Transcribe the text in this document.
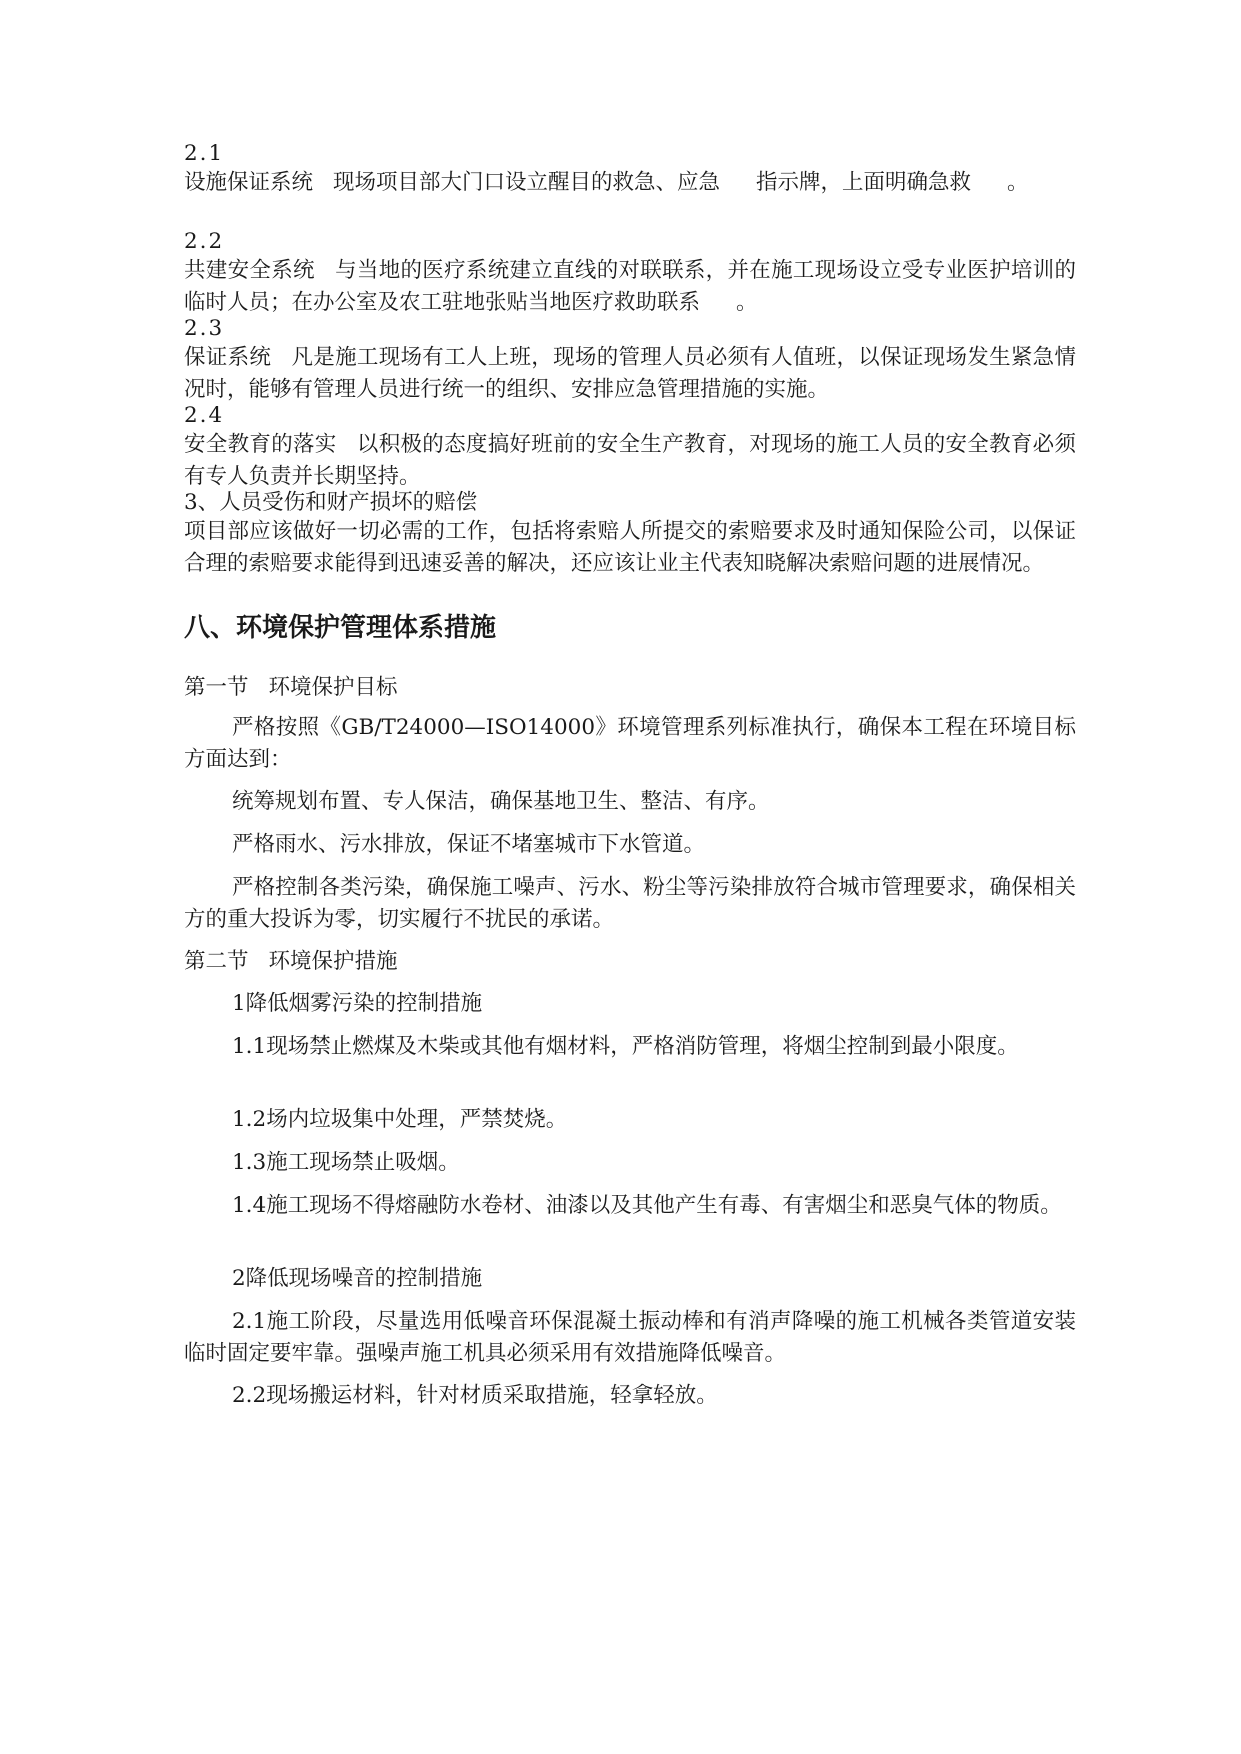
2.1

设施保证系统 现场项目部大门口设立醒目的救急、应急 指示牌，上面明确急救 。

2.2

共建安全系统 与当地的医疗系统建立直线的对联联系，并在施工现场设立受专业医护培训的临时人员；在办公室及农工驻地张贴当地医疗救助联系 。

2.3

保证系统 凡是施工现场有工人上班，现场的管理人员必须有人值班，以保证现场发生紧急情况时，能够有管理人员进行统一的组织、安排应急管理措施的实施。

2.4

安全教育的落实 以积极的态度搞好班前的安全生产教育，对现场的施工人员的安全教育必须有专人负责并长期坚持。

3、人员受伤和财产损坏的赔偿

项目部应该做好一切必需的工作，包括将索赔人所提交的索赔要求及时通知保险公司，以保证合理的索赔要求能得到迅速妥善的解决，还应该让业主代表知晓解决索赔问题的进展情况。

八、环境保护管理体系措施

第一节 环境保护目标

严格按照《GB/T24000—ISO14000》环境管理系列标准执行，确保本工程在环境目标方面达到：

统筹规划布置、专人保洁，确保基地卫生、整洁、有序。

严格雨水、污水排放，保证不堵塞城市下水管道。

严格控制各类污染，确保施工噪声、污水、粉尘等污染排放符合城市管理要求，确保相关方的重大投诉为零，切实履行不扰民的承诺。

第二节 环境保护措施

1降低烟雾污染的控制措施

1.1现场禁止燃煤及木柴或其他有烟材料，严格消防管理，将烟尘控制到最小限度。

1.2场内垃圾集中处理，严禁焚烧。

1.3施工现场禁止吸烟。

1.4施工现场不得熔融防水卷材、油漆以及其他产生有毒、有害烟尘和恶臭气体的物质。

2降低现场噪音的控制措施

2.1施工阶段，尽量选用低噪音环保混凝土振动棒和有消声降噪的施工机械各类管道安装临时固定要牢靠。强噪声施工机具必须采用有效措施降低噪音。

2.2现场搬运材料，针对材质采取措施，轻拿轻放。
